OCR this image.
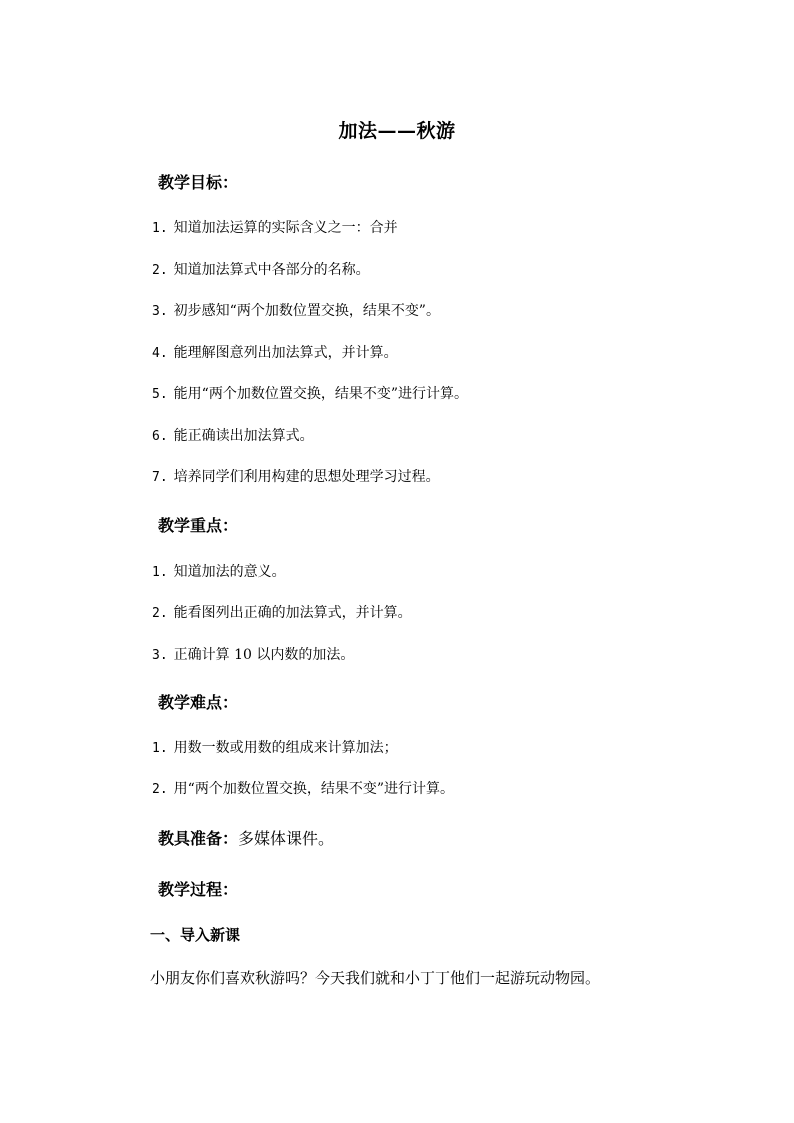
加法——秋游
教学目标：
1. 知道加法运算的实际含义之一：合并
2. 知道加法算式中各部分的名称。
3. 初步感知“两个加数位置交换，结果不变”。
4. 能理解图意列出加法算式，并计算。
5. 能用“两个加数位置交换，结果不变”进行计算。
6. 能正确读出加法算式。
7. 培养同学们利用构建的思想处理学习过程。
教学重点：
1. 知道加法的意义。
2. 能看图列出正确的加法算式，并计算。
3. 正确计算 10 以内数的加法。
教学难点：
1. 用数一数或用数的组成来计算加法；
2. 用“两个加数位置交换，结果不变”进行计算。
教具准备：多媒体课件。
教学过程：
一、导入新课
小朋友你们喜欢秋游吗？今天我们就和小丁丁他们一起游玩动物园。
